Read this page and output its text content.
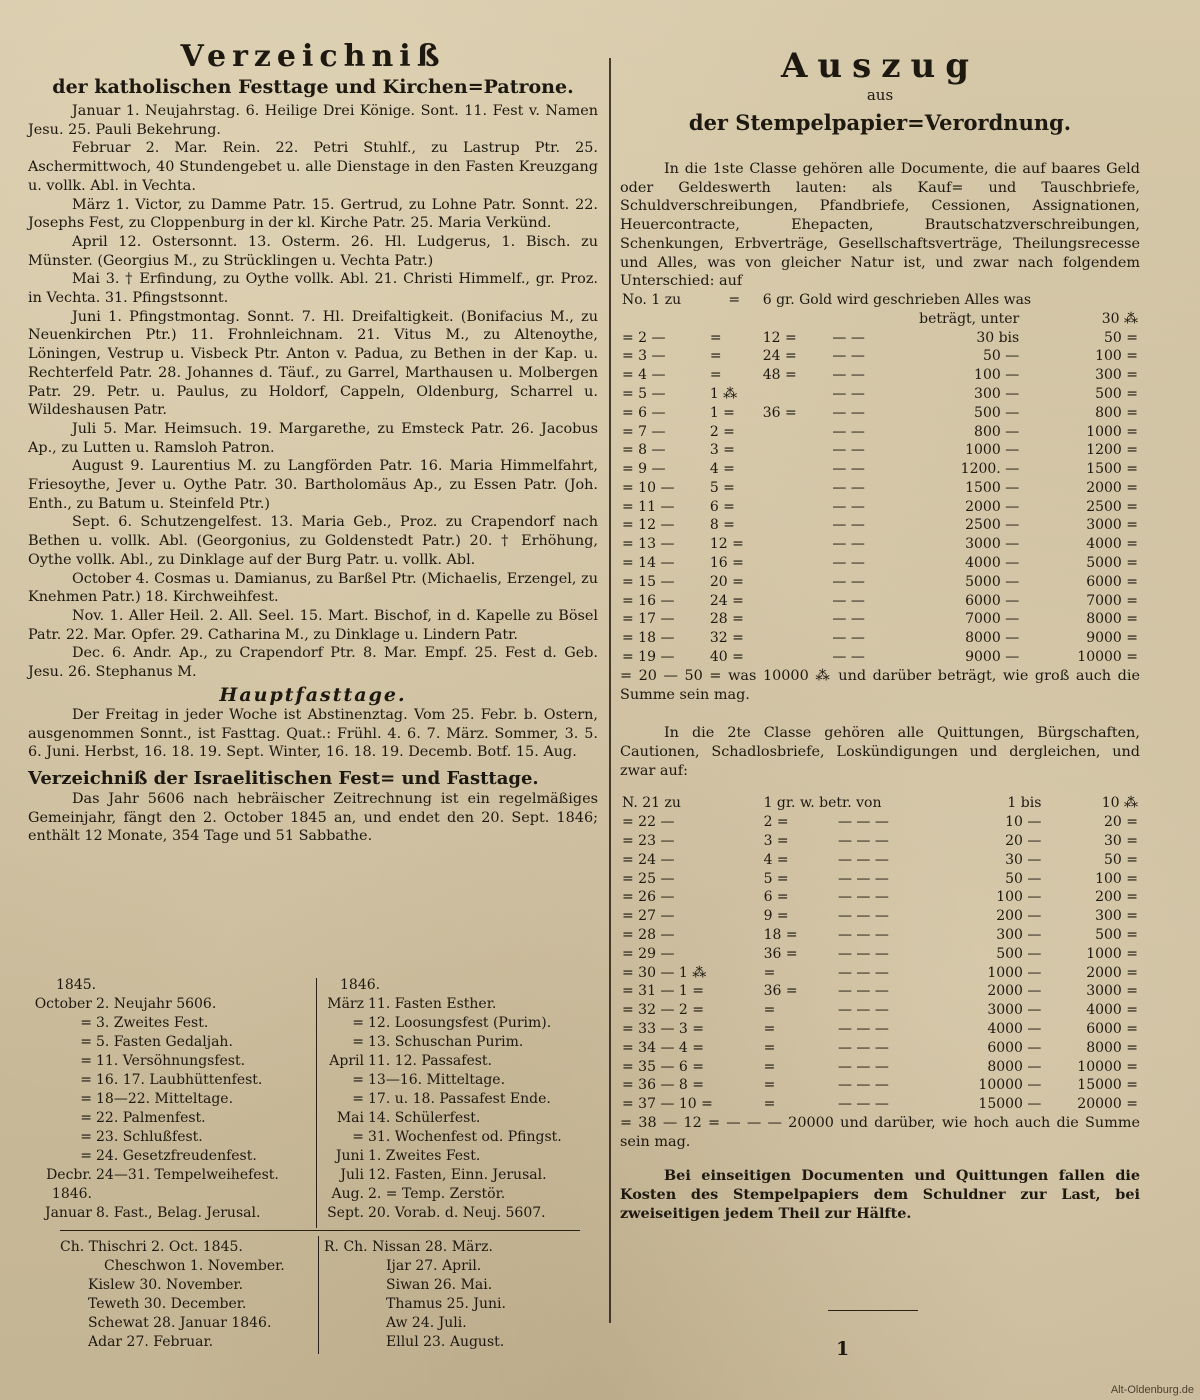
Verzeichniß

der katholischen Festtage und Kirchen=Patrone.

Januar 1. Neujahrstag. 6. Heilige Drei Könige. Sont. 11. Fest v. Namen Jesu. 25. Pauli Bekehrung.

Februar 2. Mar. Rein. 22. Petri Stuhlf., zu Lastrup Ptr. 25. Aschermittwoch, 40 Stundengebet u. alle Dienstage in den Fasten Kreuzgang u. vollk. Abl. in Vechta.

März 1. Victor, zu Damme Patr. 15. Gertrud, zu Lohne Patr. Sonnt. 22. Josephs Fest, zu Cloppenburg in der kl. Kirche Patr. 25. Maria Verkünd.

April 12. Ostersonnt. 13. Osterm. 26. Hl. Ludgerus, 1. Bisch. zu Münster. (Georgius M., zu Strücklingen u. Vechta Patr.)

Mai 3. † Erfindung, zu Oythe vollk. Abl. 21. Christi Himmelf., gr. Proz. in Vechta. 31. Pfingstsonnt.

Juni 1. Pfingstmontag. Sonnt. 7. Hl. Dreifaltigkeit. (Bonifacius M., zu Neuenkirchen Ptr.) 11. Frohnleichnam. 21. Vitus M., zu Altenoythe, Löningen, Vestrup u. Visbeck Ptr. Anton v. Padua, zu Bethen in der Kap. u. Rechterfeld Patr. 28. Johannes d. Täuf., zu Garrel, Marthausen u. Molbergen Patr. 29. Petr. u. Paulus, zu Holdorf, Cappeln, Oldenburg, Scharrel u. Wildeshausen Patr.

Juli 5. Mar. Heimsuch. 19. Margarethe, zu Emsteck Patr. 26. Jacobus Ap., zu Lutten u. Ramsloh Patron.

August 9. Laurentius M. zu Langförden Patr. 16. Maria Himmelfahrt, Friesoythe, Jever u. Oythe Patr. 30. Bartholomäus Ap., zu Essen Patr. (Joh. Enth., zu Batum u. Steinfeld Ptr.)

Sept. 6. Schutzengelfest. 13. Maria Geb., Proz. zu Crapendorf nach Bethen u. vollk. Abl. (Georgonius, zu Goldenstedt Patr.) 20. † Erhöhung, Oythe vollk. Abl., zu Dinklage auf der Burg Patr. u. vollk. Abl.

October 4. Cosmas u. Damianus, zu Barßel Ptr. (Michaelis, Erzengel, zu Knehmen Patr.) 18. Kirchweihfest.

Nov. 1. Aller Heil. 2. All. Seel. 15. Mart. Bischof, in d. Kapelle zu Bösel Patr. 22. Mar. Opfer. 29. Catharina M., zu Dinklage u. Lindern Patr.

Dec. 6. Andr. Ap., zu Crapendorf Ptr. 8. Mar. Empf. 25. Fest d. Geb. Jesu. 26. Stephanus M.

Hauptfasttage.

Der Freitag in jeder Woche ist Abstinenztag. Vom 25. Febr. b. Ostern, ausgenommen Sonnt., ist Fasttag. Quat.: Frühl. 4. 6. 7. März. Sommer, 3. 5. 6. Juni. Herbst, 16. 18. 19. Sept. Winter, 16. 18. 19. Decemb. Botf. 15. Aug.

Verzeichniß der Israelitischen Fest= und Fasttage.

Das Jahr 5606 nach hebräischer Zeitrechnung ist ein regelmäßiges Gemeinjahr, fängt den 2. October 1845 an, und endet den 20. Sept. 1846; enthält 12 Monate, 354 Tage und 51 Sabbathe.

1845.
October 2. Neujahr 5606.
= 3. Zweites Fest.
= 5. Fasten Gedaljah.
= 11. Versöhnungsfest.
= 16. 17. Laubhüttenfest.
= 18—22. Mitteltage.
= 22. Palmenfest.
= 23. Schlußfest.
= 24. Gesetzfreudenfest.
Decbr. 24—31. Tempelweihefest.
1846.
Januar 8. Fast., Belag. Jerusal.
1846.
März 11. Fasten Esther.
= 12. Loosungsfest (Purim).
= 13. Schuschan Purim.
April 11. 12. Passafest.
= 13—16. Mitteltage.
= 17. u. 18. Passafest Ende.
Mai 14. Schülerfest.
= 31. Wochenfest od. Pfingst.
Juni 1. Zweites Fest.
Juli 12. Fasten, Einn. Jerusal.
Aug. 2. = Temp. Zerstör.
Sept. 20. Vorab. d. Neuj. 5607.
Ch. Thischri 2. Oct. 1845.
Cheschwon 1. November.
Kislew 30. November.
Teweth 30. December.
Schewat 28. Januar 1846.
Adar 27. Februar.
R. Ch. Nissan 28. März.
Ijar 27. April.
Siwan 26. Mai.
Thamus 25. Juni.
Aw 24. Juli.
Ellul 23. August.

Auszug

aus

der Stempelpapier=Verordnung.

In die 1ste Classe gehören alle Documente, die auf baares Geld oder Geldeswerth lauten: als Kauf= und Tauschbriefe, Schuldverschreibungen, Pfandbriefe, Cessionen, Assignationen, Heuercontracte, Ehepacten, Brautschatzverschreibungen, Schenkungen, Erbverträge, Gesellschaftsverträge, Theilungsrecesse und Alles, was von gleicher Natur ist, und zwar nach folgendem Unterschied: auf

No. 1 zu	=	6 gr. Gold wird geschrieben Alles was			
			beträgt, unter		30 ⁂
= 2 —	=	12 =	— —	30 bis	50 =
= 3 —	=	24 =	— —	50 —	100 =
= 4 —	=	48 =	— —	100 —	300 =
= 5 —	1 ⁂		— —	300 —	500 =
= 6 —	1 =	36 =	— —	500 —	800 =
= 7 —	2 =		— —	800 —	1000 =
= 8 —	3 =		— —	1000 —	1200 =
= 9 —	4 =		— —	1200. —	1500 =
= 10 —	5 =		— —	1500 —	2000 =
= 11 —	6 =		— —	2000 —	2500 =
= 12 —	8 =		— —	2500 —	3000 =
= 13 —	12 =		— —	3000 —	4000 =
= 14 —	16 =		— —	4000 —	5000 =
= 15 —	20 =		— —	5000 —	6000 =
= 16 —	24 =		— —	6000 —	7000 =
= 17 —	28 =		— —	7000 —	8000 =
= 18 —	32 =		— —	8000 —	9000 =
= 19 —	40 =		— —	9000 —	10000 =

= 20 — 50 = was 10000 ⁂ und darüber beträgt, wie groß auch die Summe sein mag.

In die 2te Classe gehören alle Quittungen, Bürgschaften, Cautionen, Schadlosbriefe, Loskündigungen und dergleichen, und zwar auf:

N. 21 zu	1 gr. w. betr. von		1 bis	10 ⁂
= 22 —	2 =	— — —	10 —	20 =
= 23 —	3 =	— — —	20 —	30 =
= 24 —	4 =	— — —	30 —	50 =
= 25 —	5 =	— — —	50 —	100 =
= 26 —	6 =	— — —	100 —	200 =
= 27 —	9 =	— — —	200 —	300 =
= 28 —	18 =	— — —	300 —	500 =
= 29 —	36 =	— — —	500 —	1000 =
= 30 — 1 ⁂	=	— — —	1000 —	2000 =
= 31 — 1 =	36 =	— — —	2000 —	3000 =
= 32 — 2 =	=	— — —	3000 —	4000 =
= 33 — 3 =	=	— — —	4000 —	6000 =
= 34 — 4 =	=	— — —	6000 —	8000 =
= 35 — 6 =	=	— — —	8000 —	10000 =
= 36 — 8 =	=	— — —	10000 —	15000 =
= 37 — 10 =	=	— — —	15000 —	20000 =

= 38 — 12 = — — — 20000 und darüber, wie hoch auch die Summe sein mag.

Bei einseitigen Documenten und Quittungen fallen die Kosten des Stempelpapiers dem Schuldner zur Last, bei zweiseitigen jedem Theil zur Hälfte.

1
Alt-Oldenburg.de
